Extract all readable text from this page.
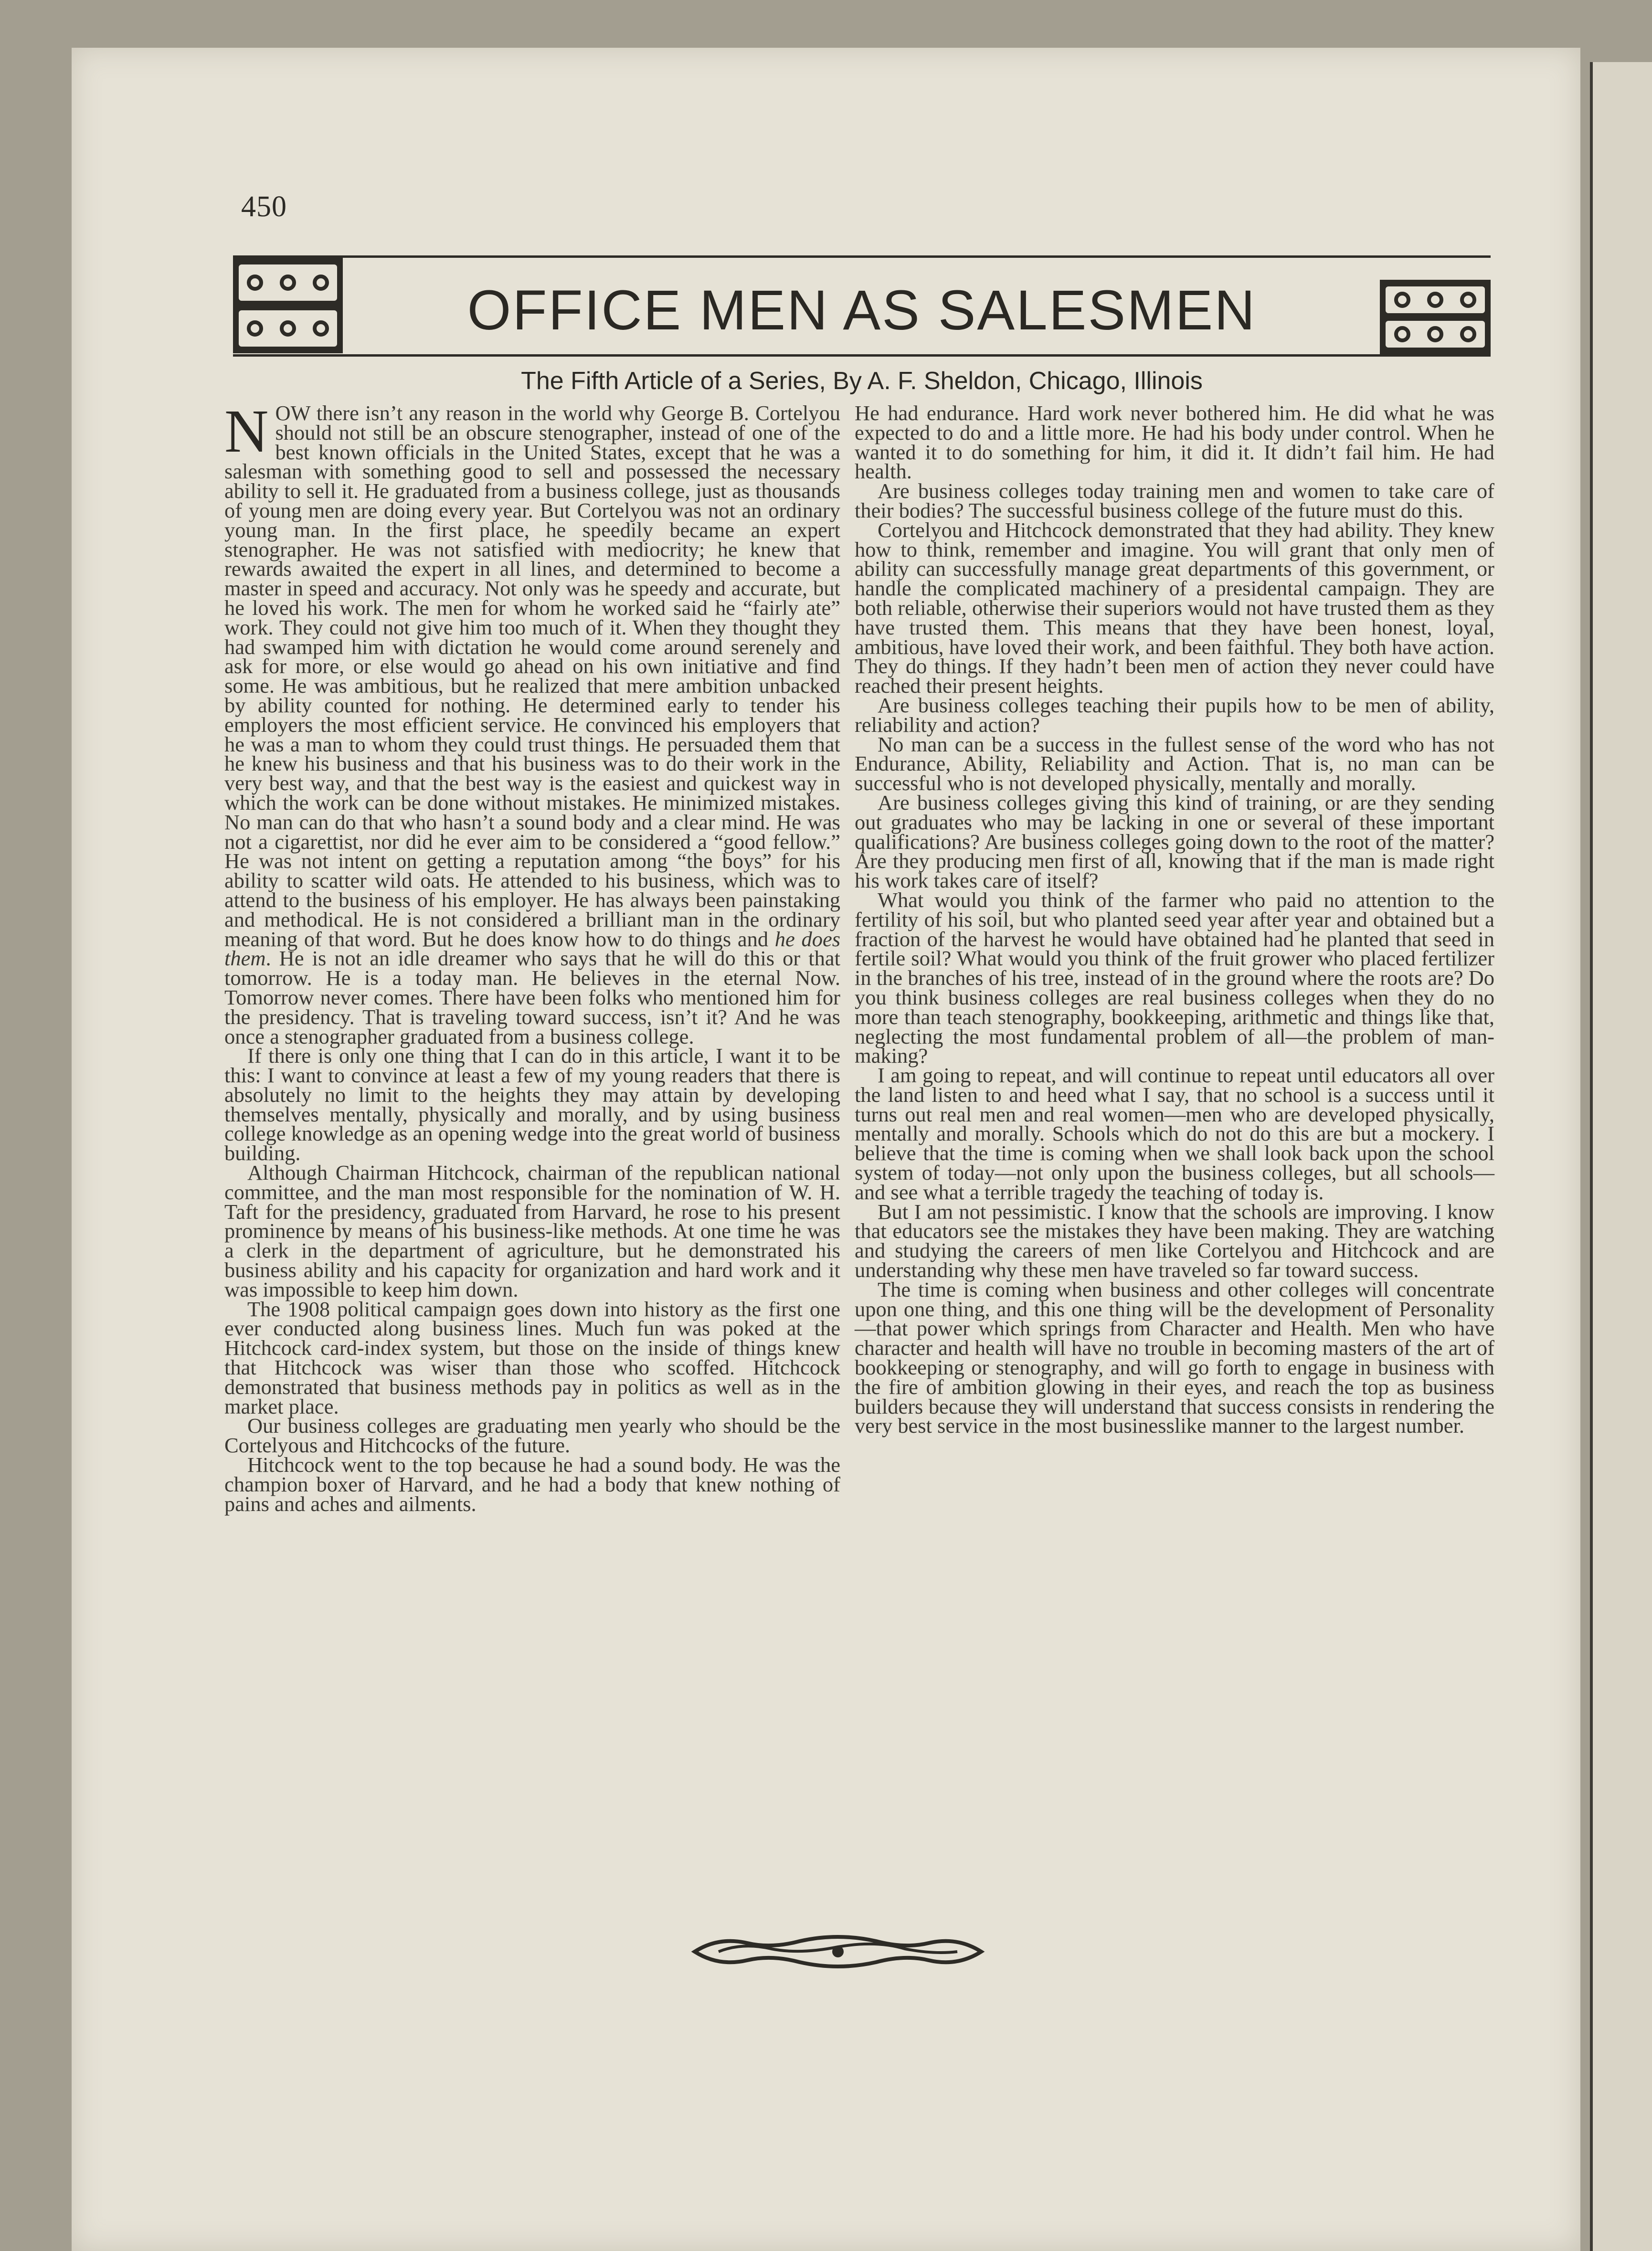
450
OFFICE MEN AS SALESMEN
The Fifth Article of a Series, By A. F. Sheldon, Chicago, Illinois

NOW there isn’t any reason in the world why George B. Cortelyou should not still be an obscure stenographer, instead of one of the best known officials in the United States, except that he was a salesman with something good to sell and possessed the necessary ability to sell it. He graduated from a business college, just as thousands of young men are doing every year. But Cortelyou was not an ordinary young man. In the first place, he speedily became an expert stenographer. He was not satisfied with mediocrity; he knew that rewards awaited the expert in all lines, and determined to become a master in speed and accuracy. Not only was he speedy and accurate, but he loved his work. The men for whom he worked said he “fairly ate” work. They could not give him too much of it. When they thought they had swamped him with dictation he would come around serenely and ask for more, or else would go ahead on his own initiative and find some. He was ambitious, but he realized that mere ambition unbacked by ability counted for nothing. He determined early to tender his employers the most efficient service. He convinced his employers that he was a man to whom they could trust things. He persuaded them that he knew his business and that his business was to do their work in the very best way, and that the best way is the easiest and quickest way in which the work can be done without mistakes. He minimized mistakes. No man can do that who hasn’t a sound body and a clear mind. He was not a cigarettist, nor did he ever aim to be considered a “good fellow.” He was not intent on getting a reputation among “the boys” for his ability to scatter wild oats. He attended to his business, which was to attend to the business of his employer. He has always been painstaking and methodical. He is not considered a brilliant man in the ordinary meaning of that word. But he does know how to do things and he does them. He is not an idle dreamer who says that he will do this or that tomorrow. He is a today man. He believes in the eternal Now. Tomorrow never comes. There have been folks who mentioned him for the presidency. That is traveling toward success, isn’t it? And he was once a stenographer graduated from a business college.

If there is only one thing that I can do in this article, I want it to be this: I want to convince at least a few of my young readers that there is absolutely no limit to the heights they may attain by developing themselves mentally, physically and morally, and by using business college knowledge as an opening wedge into the great world of business building.

Although Chairman Hitchcock, chairman of the republican national committee, and the man most responsible for the nomination of W. H. Taft for the presidency, graduated from Harvard, he rose to his present prominence by means of his business-like methods. At one time he was a clerk in the department of agriculture, but he demonstrated his business ability and his capacity for organization and hard work and it was impossible to keep him down.

The 1908 political campaign goes down into history as the first one ever conducted along business lines. Much fun was poked at the Hitchcock card-index system, but those on the inside of things knew that Hitchcock was wiser than those who scoffed. Hitchcock demonstrated that business methods pay in politics as well as in the market place.

Our business colleges are graduating men yearly who should be the Cortelyous and Hitchcocks of the future.

Hitchcock went to the top because he had a sound body. He was the champion boxer of Harvard, and he had a body that knew nothing of pains and aches and ailments.

He had endurance. Hard work never bothered him. He did what he was expected to do and a little more. He had his body under control. When he wanted it to do something for him, it did it. It didn’t fail him. He had health.

Are business colleges today training men and women to take care of their bodies? The successful business college of the future must do this.

Cortelyou and Hitchcock demonstrated that they had ability. They knew how to think, remember and imagine. You will grant that only men of ability can successfully manage great departments of this government, or handle the complicated machinery of a presidental campaign. They are both reliable, otherwise their superiors would not have trusted them as they have trusted them. This means that they have been honest, loyal, ambitious, have loved their work, and been faithful. They both have action. They do things. If they hadn’t been men of action they never could have reached their present heights.

Are business colleges teaching their pupils how to be men of ability, reliability and action?

No man can be a success in the fullest sense of the word who has not Endurance, Ability, Reliability and Action. That is, no man can be successful who is not developed physically, mentally and morally.

Are business colleges giving this kind of training, or are they sending out graduates who may be lacking in one or several of these important qualifications? Are business colleges going down to the root of the matter? Are they producing men first of all, knowing that if the man is made right his work takes care of itself?

What would you think of the farmer who paid no attention to the fertility of his soil, but who planted seed year after year and obtained but a fraction of the harvest he would have obtained had he planted that seed in fertile soil? What would you think of the fruit grower who placed fertilizer in the branches of his tree, instead of in the ground where the roots are? Do you think business colleges are real business colleges when they do no more than teach stenography, bookkeeping, arithmetic and things like that, neglecting the most fundamental problem of all—the problem of man-making?

I am going to repeat, and will continue to repeat until educators all over the land listen to and heed what I say, that no school is a success until it turns out real men and real women—men who are developed physically, mentally and morally. Schools which do not do this are but a mockery. I believe that the time is coming when we shall look back upon the school system of today—not only upon the business colleges, but all schools—and see what a terrible tragedy the teaching of today is.

But I am not pessimistic. I know that the schools are improving. I know that educators see the mistakes they have been making. They are watching and studying the careers of men like Cortelyou and Hitchcock and are understanding why these men have traveled so far toward success.

The time is coming when business and other colleges will concentrate upon one thing, and this one thing will be the development of Personality—that power which springs from Character and Health. Men who have character and health will have no trouble in becoming masters of the art of bookkeeping or stenography, and will go forth to engage in business with the fire of ambition glowing in their eyes, and reach the top as business builders because they will understand that success consists in rendering the very best service in the most businesslike manner to the largest number.
